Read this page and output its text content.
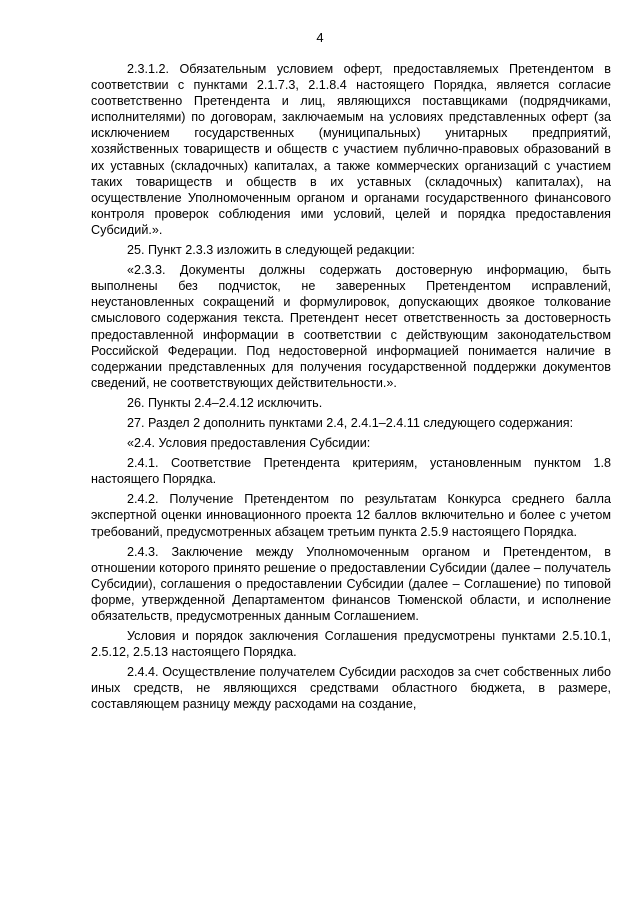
4

2.3.1.2. Обязательным условием оферт, предоставляемых Претендентом в соответствии с пунктами 2.1.7.3, 2.1.8.4 настоящего Порядка, является согласие соответственно Претендента и лиц, являющихся поставщиками (подрядчиками, исполнителями) по договорам, заключаемым на условиях представленных оферт (за исключением государственных (муниципальных) унитарных предприятий, хозяйственных товариществ и обществ с участием публично-правовых образований в их уставных (складочных) капиталах, а также коммерческих организаций с участием таких товариществ и обществ в их уставных (складочных) капиталах), на осуществление Уполномоченным органом и органами государственного финансового контроля проверок соблюдения ими условий, целей и порядка предоставления Субсидий.».

25. Пункт 2.3.3 изложить в следующей редакции:

«2.3.3. Документы должны содержать достоверную информацию, быть выполнены без подчисток, не заверенных Претендентом исправлений, неустановленных сокращений и формулировок, допускающих двоякое толкование смыслового содержания текста. Претендент несет ответственность за достоверность предоставленной информации в соответствии с действующим законодательством Российской Федерации. Под недостоверной информацией понимается наличие в содержании представленных для получения государственной поддержки документов сведений, не соответствующих действительности.».

26. Пункты 2.4–2.4.12 исключить.

27. Раздел 2 дополнить пунктами 2.4, 2.4.1–2.4.11 следующего содержания:

«2.4. Условия предоставления Субсидии:

2.4.1. Соответствие Претендента критериям, установленным пунктом 1.8 настоящего Порядка.

2.4.2. Получение Претендентом по результатам Конкурса среднего балла экспертной оценки инновационного проекта 12 баллов включительно и более с учетом требований, предусмотренных абзацем третьим пункта 2.5.9 настоящего Порядка.

2.4.3. Заключение между Уполномоченным органом и Претендентом, в отношении которого принято решение о предоставлении Субсидии (далее – получатель Субсидии), соглашения о предоставлении Субсидии (далее – Соглашение) по типовой форме, утвержденной Департаментом финансов Тюменской области, и исполнение обязательств, предусмотренных данным Соглашением.

Условия и порядок заключения Соглашения предусмотрены пунктами 2.5.10.1, 2.5.12, 2.5.13 настоящего Порядка.

2.4.4. Осуществление получателем Субсидии расходов за счет собственных либо иных средств, не являющихся средствами областного бюджета, в размере, составляющем разницу между расходами на создание,
